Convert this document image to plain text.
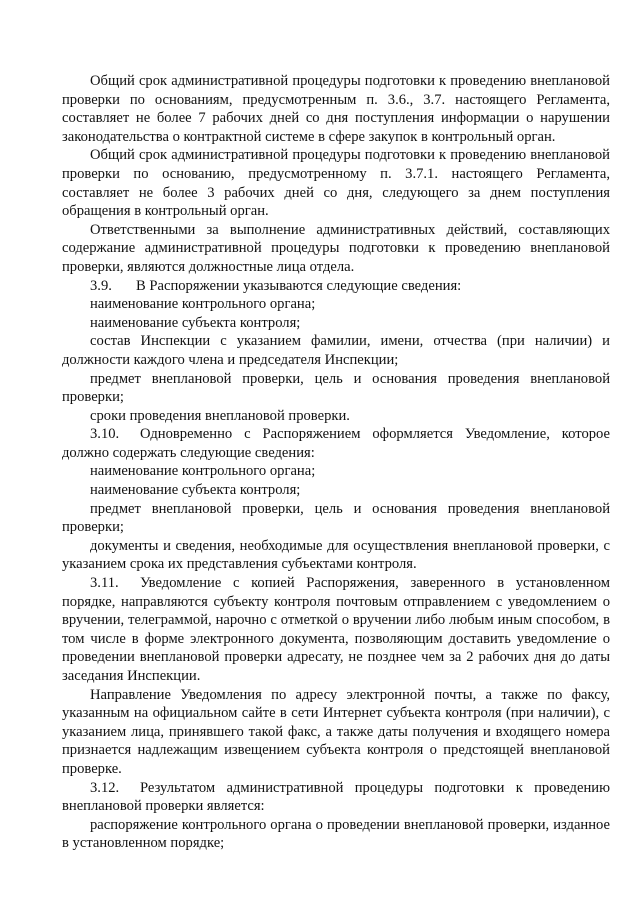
Общий срок административной процедуры подготовки к проведению внеплановой проверки по основаниям, предусмотренным п. 3.6., 3.7. настоящего Регламента, составляет не более 7 рабочих дней со дня поступления информации о нарушении законодательства о контрактной системе в сфере закупок в контрольный орган.

Общий срок административной процедуры подготовки к проведению внеплановой проверки по основанию, предусмотренному п. 3.7.1. настоящего Регламента, составляет не более 3 рабочих дней со дня, следующего за днем поступления обращения в контрольный орган.

Ответственными за выполнение административных действий, составляющих содержание административной процедуры подготовки к проведению внеплановой проверки, являются должностные лица отдела.

3.9. В Распоряжении указываются следующие сведения:

наименование контрольного органа;

наименование субъекта контроля;

состав Инспекции с указанием фамилии, имени, отчества (при наличии) и должности каждого члена и председателя Инспекции;

предмет внеплановой проверки, цель и основания проведения внеплановой проверки;

сроки проведения внеплановой проверки.

3.10. Одновременно с Распоряжением оформляется Уведомление, которое должно содержать следующие сведения:

наименование контрольного органа;

наименование субъекта контроля;

предмет внеплановой проверки, цель и основания проведения внеплановой проверки;

документы и сведения, необходимые для осуществления внеплановой проверки, с указанием срока их представления субъектами контроля.

3.11. Уведомление с копией Распоряжения, заверенного в установленном порядке, направляются субъекту контроля почтовым отправлением с уведомлением о вручении, телеграммой, нарочно с отметкой о вручении либо любым иным способом, в том числе в форме электронного документа, позволяющим доставить уведомление о проведении внеплановой проверки адресату, не позднее чем за 2 рабочих дня до даты заседания Инспекции.

Направление Уведомления по адресу электронной почты, а также по факсу, указанным на официальном сайте в сети Интернет субъекта контроля (при наличии), с указанием лица, принявшего такой факс, а также даты получения и входящего номера признается надлежащим извещением субъекта контроля о предстоящей внеплановой проверке.

3.12. Результатом административной процедуры подготовки к проведению внеплановой проверки является:

распоряжение контрольного органа о проведении внеплановой проверки, изданное в установленном порядке;
